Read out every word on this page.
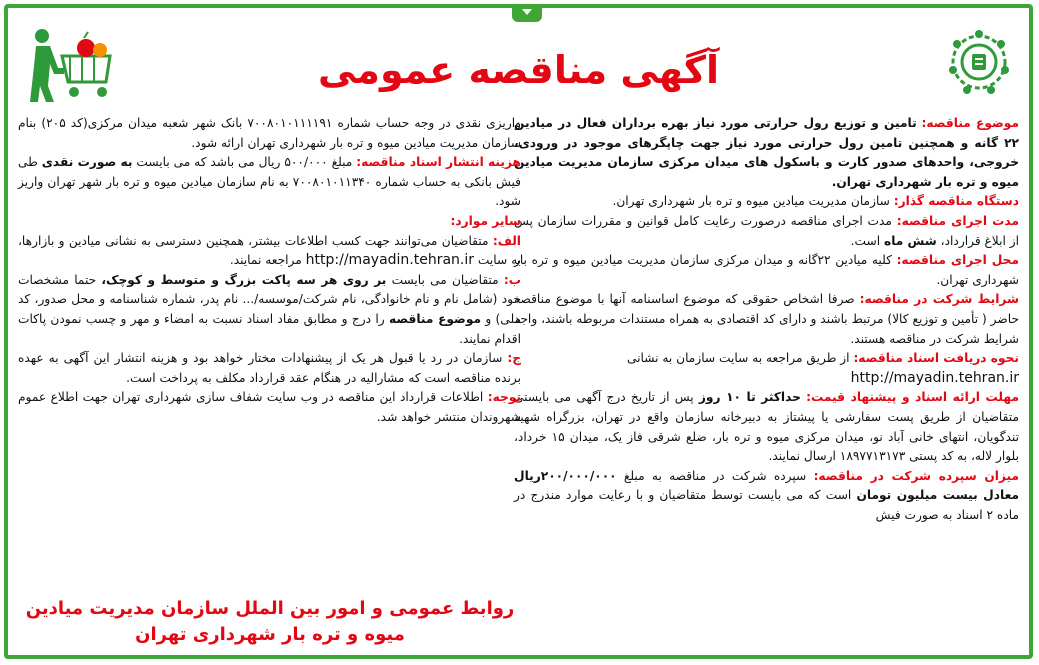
آگهی مناقصه عمومی

موضوع مناقصه: تامین و توزیع رول حرارتی مورد نیاز بهره برداران فعال در میادین ۲۲ گانه و همچنین تامین رول حرارتی مورد نیاز جهت چاپگرهای موجود در ورودی، خروجی، واحدهای صدور کارت و باسکول های میدان مرکزی سازمان مدیریت میادین میوه و تره بار شهرداری تهران.

دستگاه مناقصه گذار: سازمان مدیریت میادین میوه و تره بار شهرداری تهران.

مدت اجرای مناقصه: مدت اجرای مناقصه درصورت رعایت کامل قوانین و مقررات سازمان پس از ابلاغ قرارداد، شش ماه است.

محل اجرای مناقصه: کلیه میادین ۲۲گانه و میدان مرکزی سازمان مدیریت میادین میوه و تره بار شهرداری تهران.

شرایط شرکت در مناقصه: صرفا اشخاص حقوقی که موضوع اساسنامه آنها با موضوع مناقصه حاضر ( تأمین و توزیع کالا) مرتبط باشند و دارای کد اقتصادی به همراه مستندات مربوطه باشند، واجد شرایط شرکت در مناقصه هستند.

نحوه دریافت اسناد مناقصه: از طریق مراجعه به سایت سازمان به نشانی

http://mayadin.tehran.ir

مهلت ارائه اسناد و پیشنهاد قیمت: حداکثر تا ۱۰ روز پس از تاریخ درج آگهی می بایستی متقاضیان از طریق پست سفارشی یا پیشتاز به دبیرخانه سازمان واقع در تهران، بزرگراه شهید تندگویان، انتهای خانی آباد نو، میدان مرکزی میوه و تره بار، ضلع شرقی فاز یک، میدان ۱۵ خرداد، بلوار لاله، به کد پستی ۱۸۹۷۷۱۳۱۷۳ ارسال نمایند.

میزان سپرده شرکت در مناقصه: سپرده شرکت در مناقصه به مبلغ ۲۰۰/۰۰۰/۰۰۰ریال معادل بیست میلیون تومان است که می بایست توسط متقاضیان و با رعایت موارد مندرج در ماده ۲ اسناد به صورت فیش

واریزی نقدی در وجه حساب شماره ۷۰۰۸۰۱۰۱۱۱۱۹۱ بانک شهر شعبه میدان مرکزی(کد ۲۰۵) بنام سازمان مدیریت میادین میوه و تره بار شهرداری تهران ارائه شود.

هزینه انتشار اسناد مناقصه: مبلغ ۵۰۰/۰۰۰ ریال می باشد که می بایست به صورت نقدی طی فیش بانکی به حساب شماره ۷۰۰۸۰۱۰۱۱۳۴۰ به نام سازمان میادین میوه و تره بار شهر تهران واریز شود.

سایر موارد:

الف: متقاضیان می‌توانند جهت کسب اطلاعات بیشتر، همچنین دسترسی به نشانی میادین و بازارها، به سایت http://mayadin.tehran.ir مراجعه نمایند.

ب: متقاضیان می بایست بر روی هر سه پاکت بزرگ و متوسط و کوچک، حتما مشخصات خود (شامل نام و نام خانوادگی، نام شرکت/موسسه/... نام پدر، شماره شناسنامه و محل صدور، کد ملی) و موضوع مناقصه را درج و مطابق مفاد اسناد نسبت به امضاء و مهر و چسب نمودن پاکات اقدام نمایند.

ج: سازمان در رد یا قبول هر یک از پیشنهادات مختار خواهد بود و هزینه انتشار این آگهی به عهده برنده مناقصه است که مشارالیه در هنگام عقد قرارداد مکلف به پرداخت است.

توجه: اطلاعات قرارداد این مناقصه در وب سایت شفاف سازی شهرداری تهران جهت اطلاع عموم شهروندان منتشر خواهد شد.

روابط عمومی و امور بین الملل سازمان مدیریت میادین
میوه و تره بار شهرداری تهران
